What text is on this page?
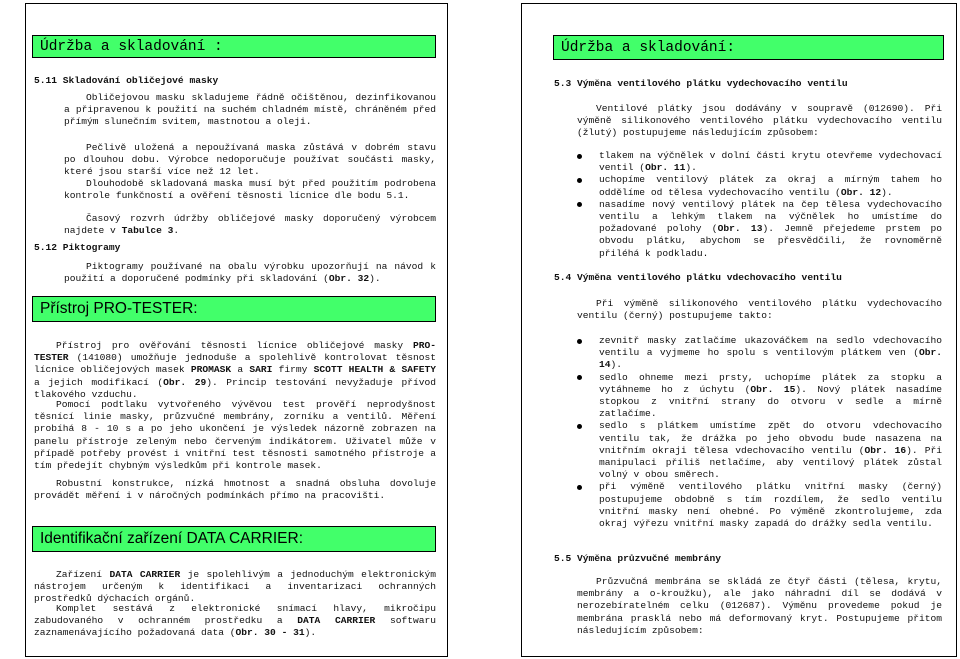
Údržba a skladování :
5.11 Skladování obličejové masky
Obličejovou masku skladujeme řádně očištěnou, dezinfikovanou a připravenou k použití na suchém chladném místě, chráněném před přímým slunečním svitem, mastnotou a oleji.
Pečlivě uložená a nepoužívaná maska zůstává v dobrém stavu po dlouhou dobu. Výrobce nedoporučuje používat součásti masky, které jsou starší více než 12 let.
Dlouhodobě skladovaná maska musí být před použitím podrobena kontrole funkčností a ověření těsnosti lícnice dle bodu 5.1.
Časový rozvrh údržby obličejové masky doporučený výrobcem najdete v Tabulce 3.
5.12 Piktogramy
Piktogramy používané na obalu výrobku upozorňují na návod k použití a doporučené podmínky při skladování (Obr. 32).
Přístroj PRO-TESTER:
Přístroj pro ověřování těsnosti lícnice obličejové masky PRO-TESTER (141080) umožňuje jednoduše a spolehlivě kontrolovat těsnost lícnice obličejových masek PROMASK a SARI firmy SCOTT HEALTH & SAFETY a jejich modifikací (Obr. 29). Princip testování nevyžaduje přívod tlakového vzduchu.
Pomocí podtlaku vytvořeného vývěvou test prověří neprodyšnost těsnící linie masky, průzvučné membrány, zorníku a ventilů. Měření probíhá 8 - 10 s a po jeho ukončení je výsledek názorně zobrazen na panelu přístroje zeleným nebo červeným indikátorem. Uživatel může v případě potřeby provést i vnitřní test těsnosti samotného přístroje a tím předejít chybným výsledkům při kontrole masek.
Robustní konstrukce, nízká hmotnost a snadná obsluha dovoluje provádět měření i v náročných podmínkách přímo na pracovišti.
Identifikační zařízení DATA CARRIER:
Zařízení DATA CARRIER je spolehlivým a jednoduchým elektronickým nástrojem určeným k identifikaci a inventarizaci ochranných prostředků dýchacích orgánů.
Komplet sestává z elektronické snímací hlavy, mikročipu zabudovaného v ochranném prostředku a DATA CARRIER softwaru zaznamenávajícího požadovaná data (Obr. 30 - 31).
Údržba a skladování:
5.3 Výměna ventilového plátku vydechovacího ventilu
Ventilové plátky jsou dodávány v soupravě (012690). Při výměně silikonového ventilového plátku vydechovacího ventilu (žlutý) postupujeme následujícím způsobem:
tlakem na výčnělek v dolní části krytu otevřeme vydechovací ventil (Obr. 11).
uchopíme ventilový plátek za okraj a mírným tahem ho oddělíme od tělesa vydechovacího ventilu (Obr. 12).
nasadíme nový ventilový plátek na čep tělesa vydechovacího ventilu a lehkým tlakem na výčnělek ho umístíme do požadované polohy (Obr. 13). Jemně přejedeme prstem po obvodu plátku, abychom se přesvědčili, že rovnoměrně přiléhá k podkladu.
5.4 Výměna ventilového plátku vdechovacího ventilu
Při výměně silikonového ventilového plátku vydechovacího ventilu (černý) postupujeme takto:
zevnitř masky zatlačíme ukazováčkem na sedlo vdechovacího ventilu a vyjmeme ho spolu s ventilovým plátkem ven (Obr. 14).
sedlo ohneme mezi prsty, uchopíme plátek za stopku a vytáhneme ho z úchytu (Obr. 15). Nový plátek nasadíme stopkou z vnitřní strany do otvoru v sedle a mírně zatlačíme.
sedlo s plátkem umístíme zpět do otvoru vdechovacího ventilu tak, že drážka po jeho obvodu bude nasazena na vnitřním okraji tělesa vdechovacího ventilu (Obr. 16). Při manipulaci příliš netlačíme, aby ventilový plátek zůstal volný v obou směrech.
při výměně ventilového plátku vnitřní masky (černý) postupujeme obdobně s tím rozdílem, že sedlo ventilu vnitřní masky není ohebné. Po výměně zkontrolujeme, zda okraj výřezu vnitřní masky zapadá do drážky sedla ventilu.
5.5 Výměna průzvučné membrány
Průzvučná membrána se skládá ze čtyř části (tělesa, krytu, membrány a o-kroužku), ale jako náhradní díl se dodává v nerozebíratelném celku (012687). Výměnu provedeme pokud je membrána prasklá nebo má deformovaný kryt. Postupujeme přitom následujícím způsobem:
